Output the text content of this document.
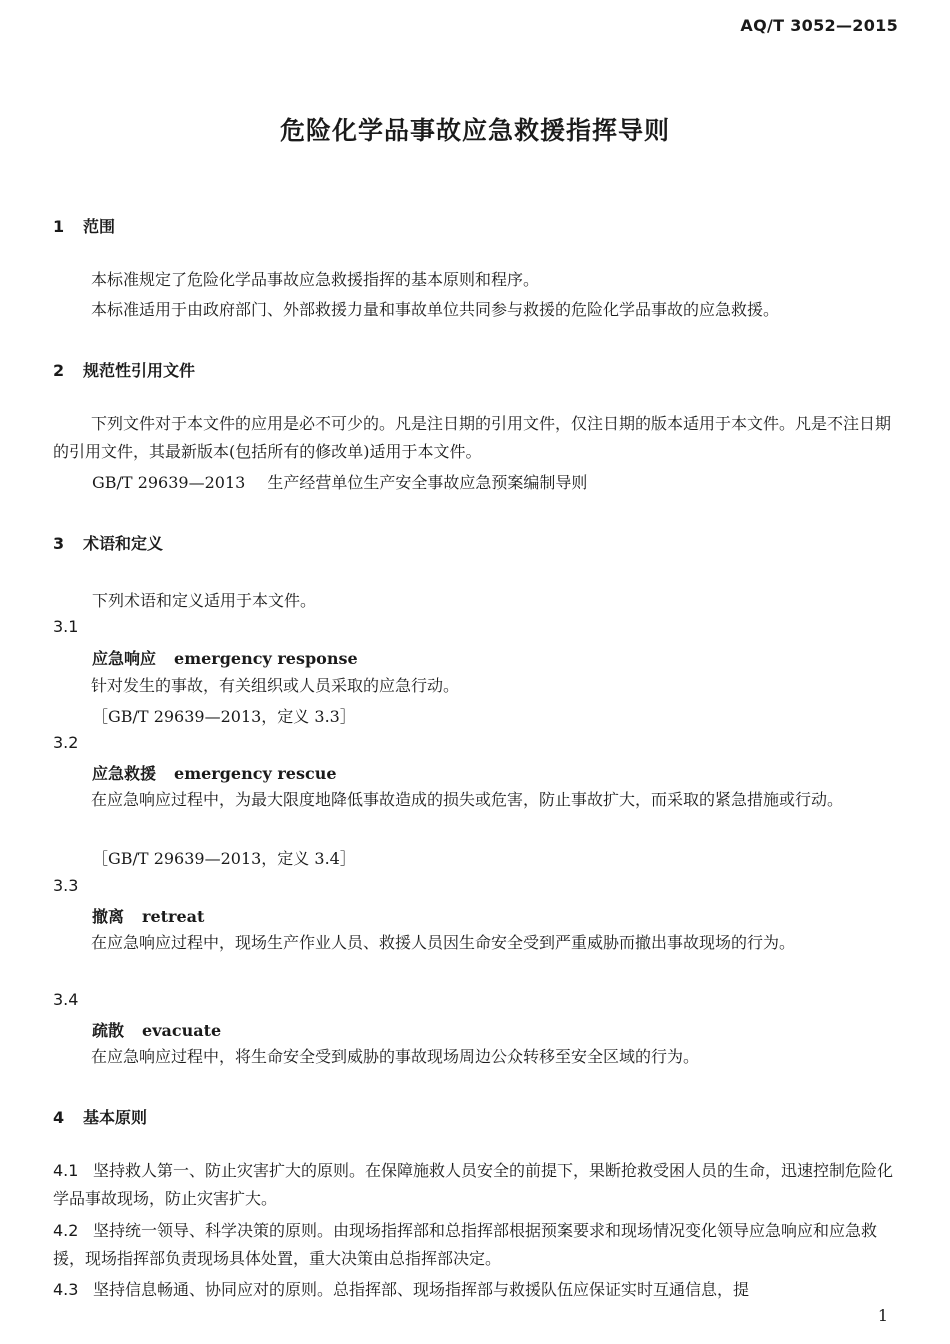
AQ/T 3052—2015
危险化学品事故应急救援指挥导则
1 范围
本标准规定了危险化学品事故应急救援指挥的基本原则和程序。
本标准适用于由政府部门、外部救援力量和事故单位共同参与救援的危险化学品事故的应急救援。
2 规范性引用文件
下列文件对于本文件的应用是必不可少的。凡是注日期的引用文件，仅注日期的版本适用于本文件。凡是不注日期的引用文件，其最新版本(包括所有的修改单)适用于本文件。
GB/T 29639—2013 生产经营单位生产安全事故应急预案编制导则
3 术语和定义
下列术语和定义适用于本文件。
3.1
应急响应 emergency response
针对发生的事故，有关组织或人员采取的应急行动。
［GB/T 29639—2013，定义 3.3］
3.2
应急救援 emergency rescue
在应急响应过程中，为最大限度地降低事故造成的损失或危害，防止事故扩大，而采取的紧急措施或行动。
［GB/T 29639—2013，定义 3.4］
3.3
撤离 retreat
在应急响应过程中，现场生产作业人员、救援人员因生命安全受到严重威胁而撤出事故现场的行为。
3.4
疏散 evacuate
在应急响应过程中，将生命安全受到威胁的事故现场周边公众转移至安全区域的行为。
4 基本原则
4.1 坚持救人第一、防止灾害扩大的原则。在保障施救人员安全的前提下，果断抢救受困人员的生命，迅速控制危险化学品事故现场，防止灾害扩大。
4.2 坚持统一领导、科学决策的原则。由现场指挥部和总指挥部根据预案要求和现场情况变化领导应急响应和应急救援，现场指挥部负责现场具体处置，重大决策由总指挥部决定。
4.3 坚持信息畅通、协同应对的原则。总指挥部、现场指挥部与救援队伍应保证实时互通信息，提
1
